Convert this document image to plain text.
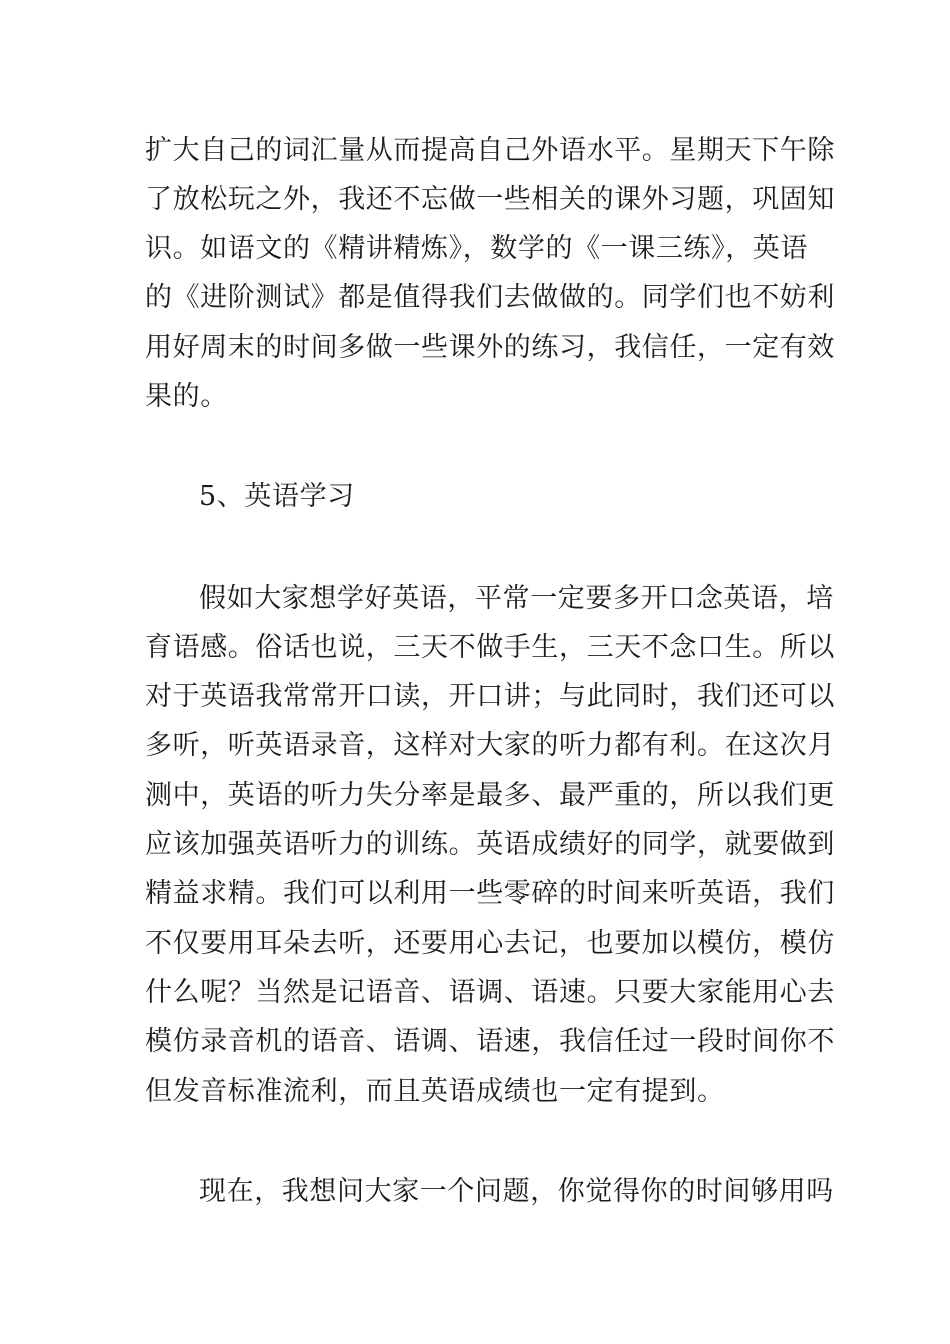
扩大自己的词汇量从而提高自己外语水平。星期天下午除

了放松玩之外，我还不忘做一些相关的课外习题，巩固知

识。如语文的《精讲精炼》，数学的《一课三练》，英语

的《进阶测试》都是值得我们去做做的。同学们也不妨利

用好周末的时间多做一些课外的练习，我信任，一定有效

果的。

5、英语学习

假如大家想学好英语，平常一定要多开口念英语，培

育语感。俗话也说，三天不做手生，三天不念口生。所以

对于英语我常常开口读，开口讲；与此同时，我们还可以

多听，听英语录音，这样对大家的听力都有利。在这次月

测中，英语的听力失分率是最多、最严重的，所以我们更

应该加强英语听力的训练。英语成绩好的同学，就要做到

精益求精。我们可以利用一些零碎的时间来听英语，我们

不仅要用耳朵去听，还要用心去记，也要加以模仿，模仿

什么呢？当然是记语音、语调、语速。只要大家能用心去

模仿录音机的语音、语调、语速，我信任过一段时间你不

但发音标准流利，而且英语成绩也一定有提到。

现在，我想问大家一个问题，你觉得你的时间够用吗
